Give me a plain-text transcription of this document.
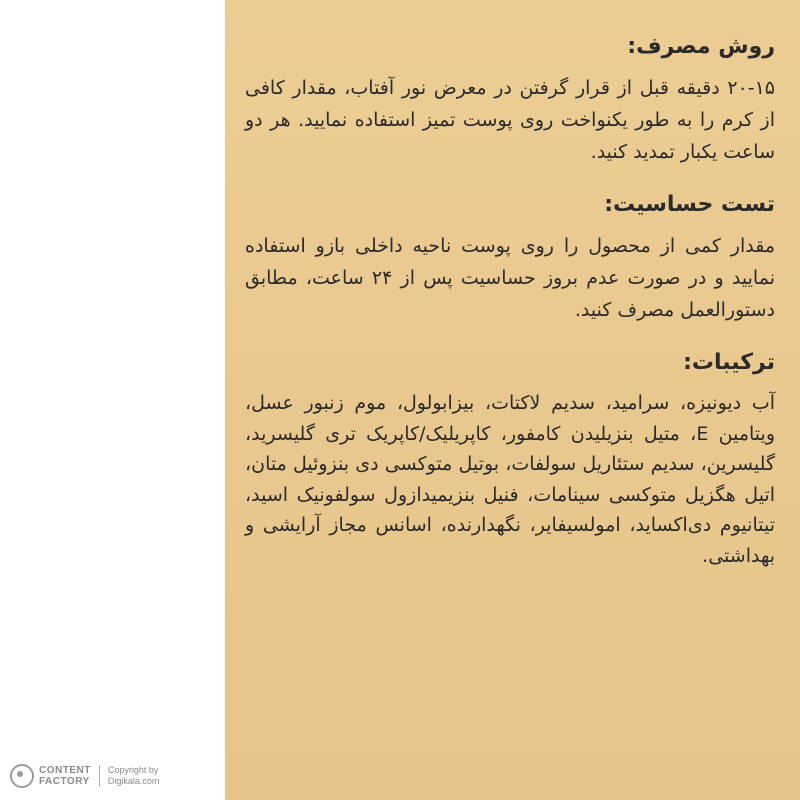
روش مصرف:

۲۰-۱۵ دقیقه قبل از قرار گرفتن در معرض نور آفتاب، مقدار کافی از کرم را به طور یکنواخت روی پوست تمیز استفاده نمایید. هر دو ساعت یکبار تمدید کنید.

تست حساسیت:

مقدار کمی از محصول را روی پوست ناحیه داخلی بازو استفاده نمایید و در صورت عدم بروز حساسیت پس از ۲۴ ساعت، مطابق دستورالعمل مصرف کنید.

ترکیبات:

آب دیونیزه، سرامید، سدیم لاکتات، بیزابولول، موم زنبور عسل، ویتامین E، متیل بنزیلیدن کامفور، کاپریلیک/کاپریک تری گلیسرید، گلیسرین، سدیم ستئاریل سولفات، بوتیل متوکسی دی بنزوئیل متان، اتیل هگزیل متوکسی سینامات، فنیل بنزیمیدازول سولفونیک اسید، تیتانیوم دی‌اکساید، امولسیفایر، نگهدارنده، اسانس مجاز آرایشی و بهداشتی.

CONTENT
FACTORY
Copyright by
Digikala.com
